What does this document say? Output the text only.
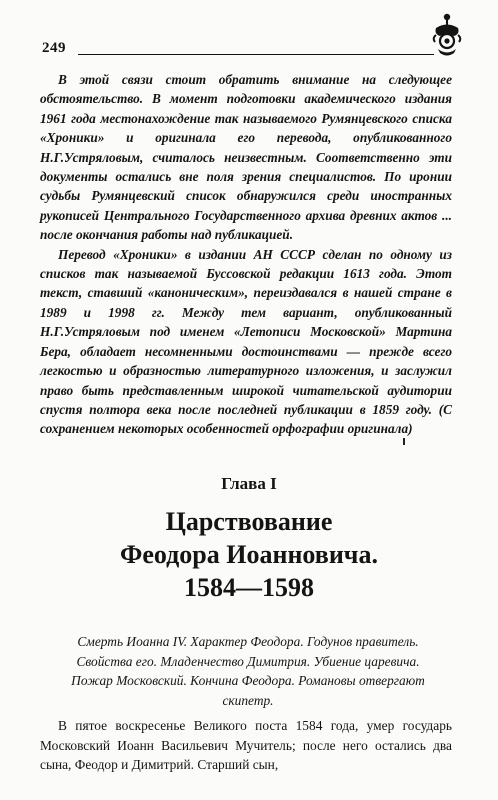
249

В этой связи стоит обратить внимание на следующее обстоятельство. В момент подготовки академического издания 1961 года местонахождение так называемого Румянцевского списка «Хроники» и оригинала его перевода, опубликованного Н.Г.Устряловым, считалось неизвестным. Соответственно эти документы остались вне поля зрения специалистов. По иронии судьбы Румянцевский список обнаружился среди иностранных рукописей Центрального Государственного архива древних актов ... после окончания работы над публикацией.

Перевод «Хроники» в издании АН СССР сделан по одному из списков так называемой Буссовской редакции 1613 года. Этот текст, ставший «каноническим», переиздавался в нашей стране в 1989 и 1998 гг. Между тем вариант, опубликованный Н.Г.Устряловым под именем «Летописи Московской» Мартина Бера, обладает несомненными достоинствами — прежде всего легкостью и образностью литературного изложения, и заслужил право быть представленным широкой читательской аудитории спустя полтора века после последней публикации в 1859 году. (С сохранением некоторых особенностей орфографии оригинала)

Глава I
Царствование
Феодора Иоанновича.
1584—1598
Смерть Иоанна IV. Характер Феодора. Годунов правитель. Свойства его. Младенчество Димитрия. Убиение царевича. Пожар Московский. Кончина Феодора. Романовы отвергают скипетр.

В пятое воскресенье Великого поста 1584 года, умер государь Московский Иоанн Васильевич Мучитель; после него остались два сына, Феодор и Димитрий. Старший сын,
